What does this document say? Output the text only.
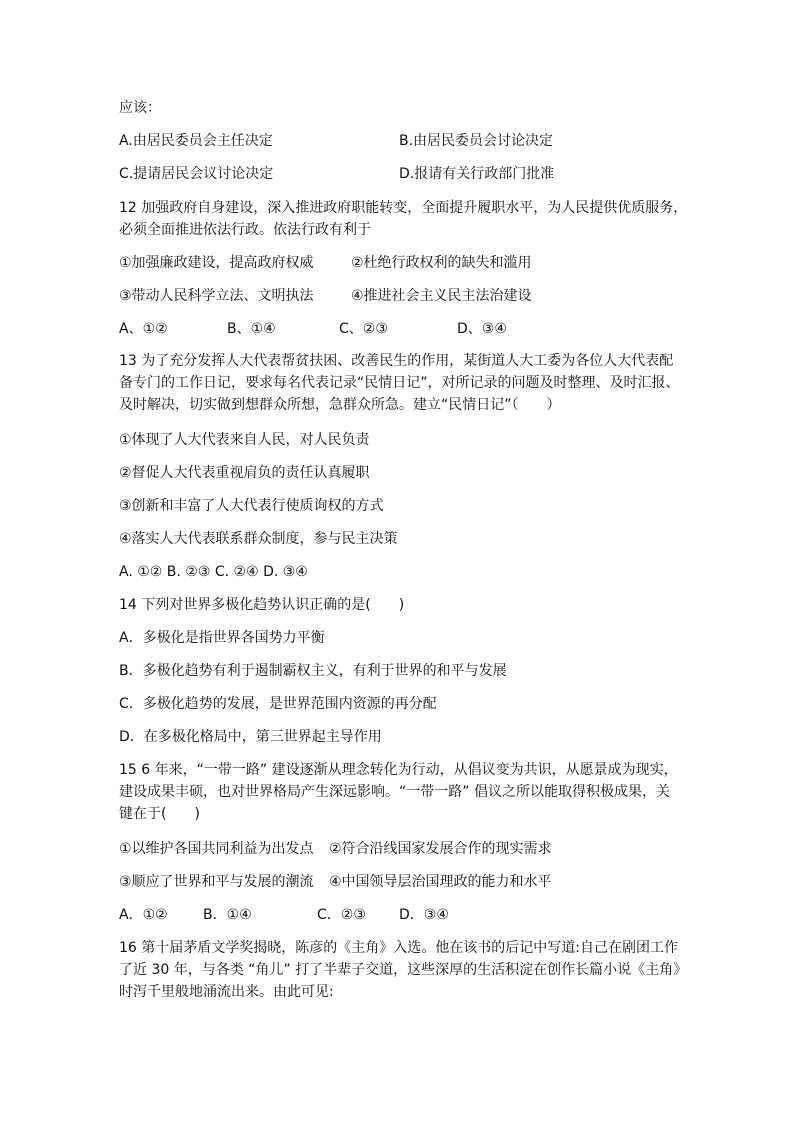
应该：
A.由居民委员会主任决定	B.由居民委员会讨论决定
C.提请居民会议讨论决定	D.报请有关行政部门批准
12 加强政府自身建设，深入推进政府职能转变，全面提升履职水平，为人民提供优质服务，
必须全面推进依法行政。依法行政有利于
①加强廉政建设，提高政府权威	②杜绝行政权利的缺失和滥用
③带动人民科学立法、文明执法	④推进社会主义民主法治建设
A、①②	B、①④	C、②③	D、③④
13 为了充分发挥人大代表帮贫扶困、改善民生的作用，某街道人大工委为各位人大代表配
备专门的工作日记，要求每名代表记录“民情日记”，对所记录的问题及时整理、及时汇报、
及时解决，切实做到想群众所想，急群众所急。建立“民情日记”（　　）
①体现了人大代表来自人民，对人民负责
②督促人大代表重视肩负的责任认真履职
③创新和丰富了人大代表行使质询权的方式
④落实人大代表联系群众制度，参与民主决策
A. ①② B. ②③ C. ②④ D. ③④
14 下列对世界多极化趋势认识正确的是(　　)
A．多极化是指世界各国势力平衡
B．多极化趋势有利于遏制霸权主义，有利于世界的和平与发展
C．多极化趋势的发展，是世界范围内资源的再分配
D．在多极化格局中，第三世界起主导作用
15 6 年来，“一带一路” 建设逐渐从理念转化为行动，从倡议变为共识，从愿景成为现实，
建设成果丰硕，也对世界格局产生深远影响。“一带一路” 倡议之所以能取得积极成果，关
键在于(　　)
①以维护各国共同利益为出发点 ②符合沿线国家发展合作的现实需求
③顺应了世界和平与发展的潮流 ④中国领导层治国理政的能力和水平
A．①②	B．①④	C．②③ D．③④
16 第十届茅盾文学奖揭晓，陈彦的《主角》入选。他在该书的后记中写道:自己在剧团工作
了近 30 年，与各类 “角儿” 打了半辈子交道，这些深厚的生活积淀在创作长篇小说《主角》
时泻千里般地涌流出来。由此可见:
